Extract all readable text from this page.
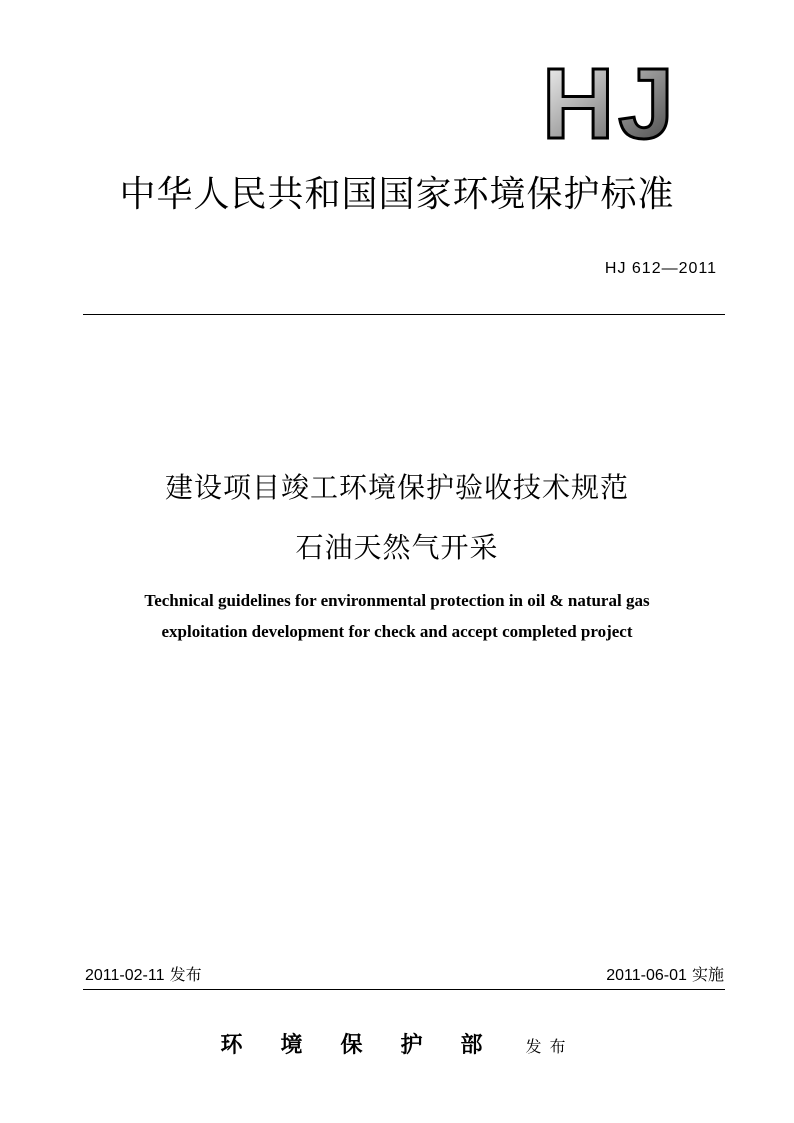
HJ
中华人民共和国国家环境保护标准
HJ 612—2011
建设项目竣工环境保护验收技术规范
石油天然气开采
Technical guidelines for environmental protection in oil & natural gas
exploitation development for check and accept completed project
2011-02-11 发布	2011-06-01 实施
环境保护部 发布
